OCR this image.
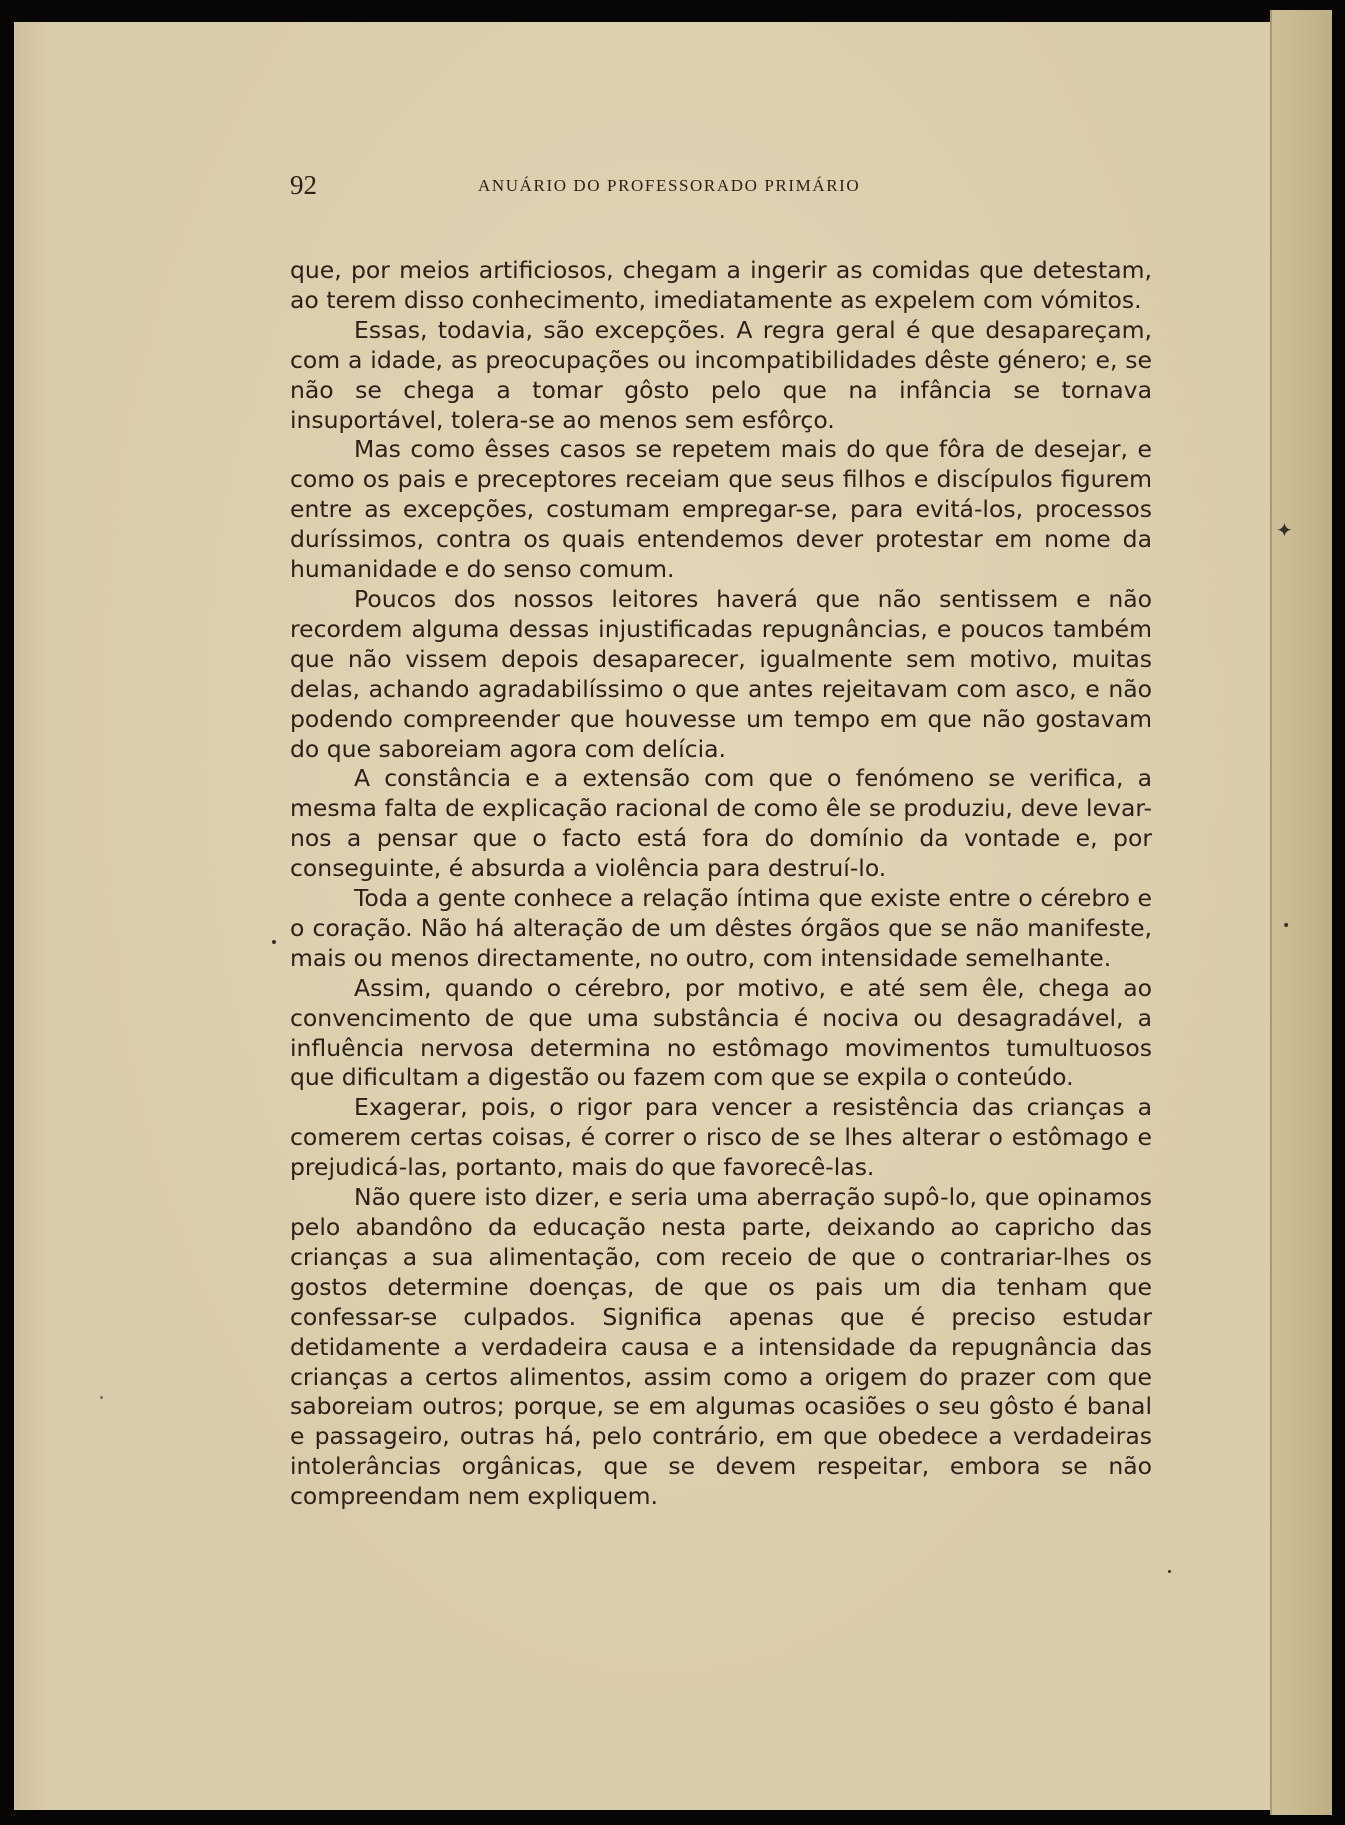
✦
•
92	ANUÁRIO DO PROFESSORADO PRIMÁRIO

que, por meios artificiosos, chegam a ingerir as comidas que detestam, ao terem disso conhecimento, imediatamente as expelem com vómitos.

Essas, todavia, são excepções. A regra geral é que desapareçam, com a idade, as preocupações ou incompatibilidades dêste género; e, se não se chega a tomar gôsto pelo que na infância se tornava insuportável, tolera-se ao menos sem esfôrço.

Mas como êsses casos se repetem mais do que fôra de desejar, e como os pais e preceptores receiam que seus filhos e discípulos figurem entre as excepções, costumam empregar-se, para evitá-los, processos duríssimos, contra os quais entendemos dever protestar em nome da humanidade e do senso comum.

Poucos dos nossos leitores haverá que não sentissem e não recordem alguma dessas injustificadas repugnâncias, e poucos também que não vissem depois desaparecer, igualmente sem motivo, muitas delas, achando agradabilíssimo o que antes rejeitavam com asco, e não podendo compreender que houvesse um tempo em que não gostavam do que saboreiam agora com delícia.

A constância e a extensão com que o fenómeno se verifica, a mesma falta de explicação racional de como êle se produziu, deve levar-nos a pensar que o facto está fora do domínio da vontade e, por conseguinte, é absurda a violência para destruí-lo.

Toda a gente conhece a relação íntima que existe entre o cérebro e o coração. Não há alteração de um dêstes órgãos que se não manifeste, mais ou menos directamente, no outro, com intensidade semelhante.

Assim, quando o cérebro, por motivo, e até sem êle, chega ao convencimento de que uma substância é nociva ou desagradável, a influência nervosa determina no estômago movimentos tumultuosos que dificultam a digestão ou fazem com que se expila o conteúdo.

Exagerar, pois, o rigor para vencer a resistência das crianças a comerem certas coisas, é correr o risco de se lhes alterar o estômago e prejudicá-las, portanto, mais do que favorecê-las.

Não quere isto dizer, e seria uma aberração supô-lo, que opinamos pelo abandôno da educação nesta parte, deixando ao capricho das crianças a sua alimentação, com receio de que o contrariar-lhes os gostos determine doenças, de que os pais um dia tenham que confessar-se culpados. Significa apenas que é preciso estudar detidamente a verdadeira causa e a intensidade da repugnância das crianças a certos alimentos, assim como a origem do prazer com que saboreiam outros; porque, se em algumas ocasiões o seu gôsto é banal e passageiro, outras há, pelo contrário, em que obedece a verdadeiras intolerâncias orgânicas, que se devem respeitar, embora se não compreendam nem expliquem.
